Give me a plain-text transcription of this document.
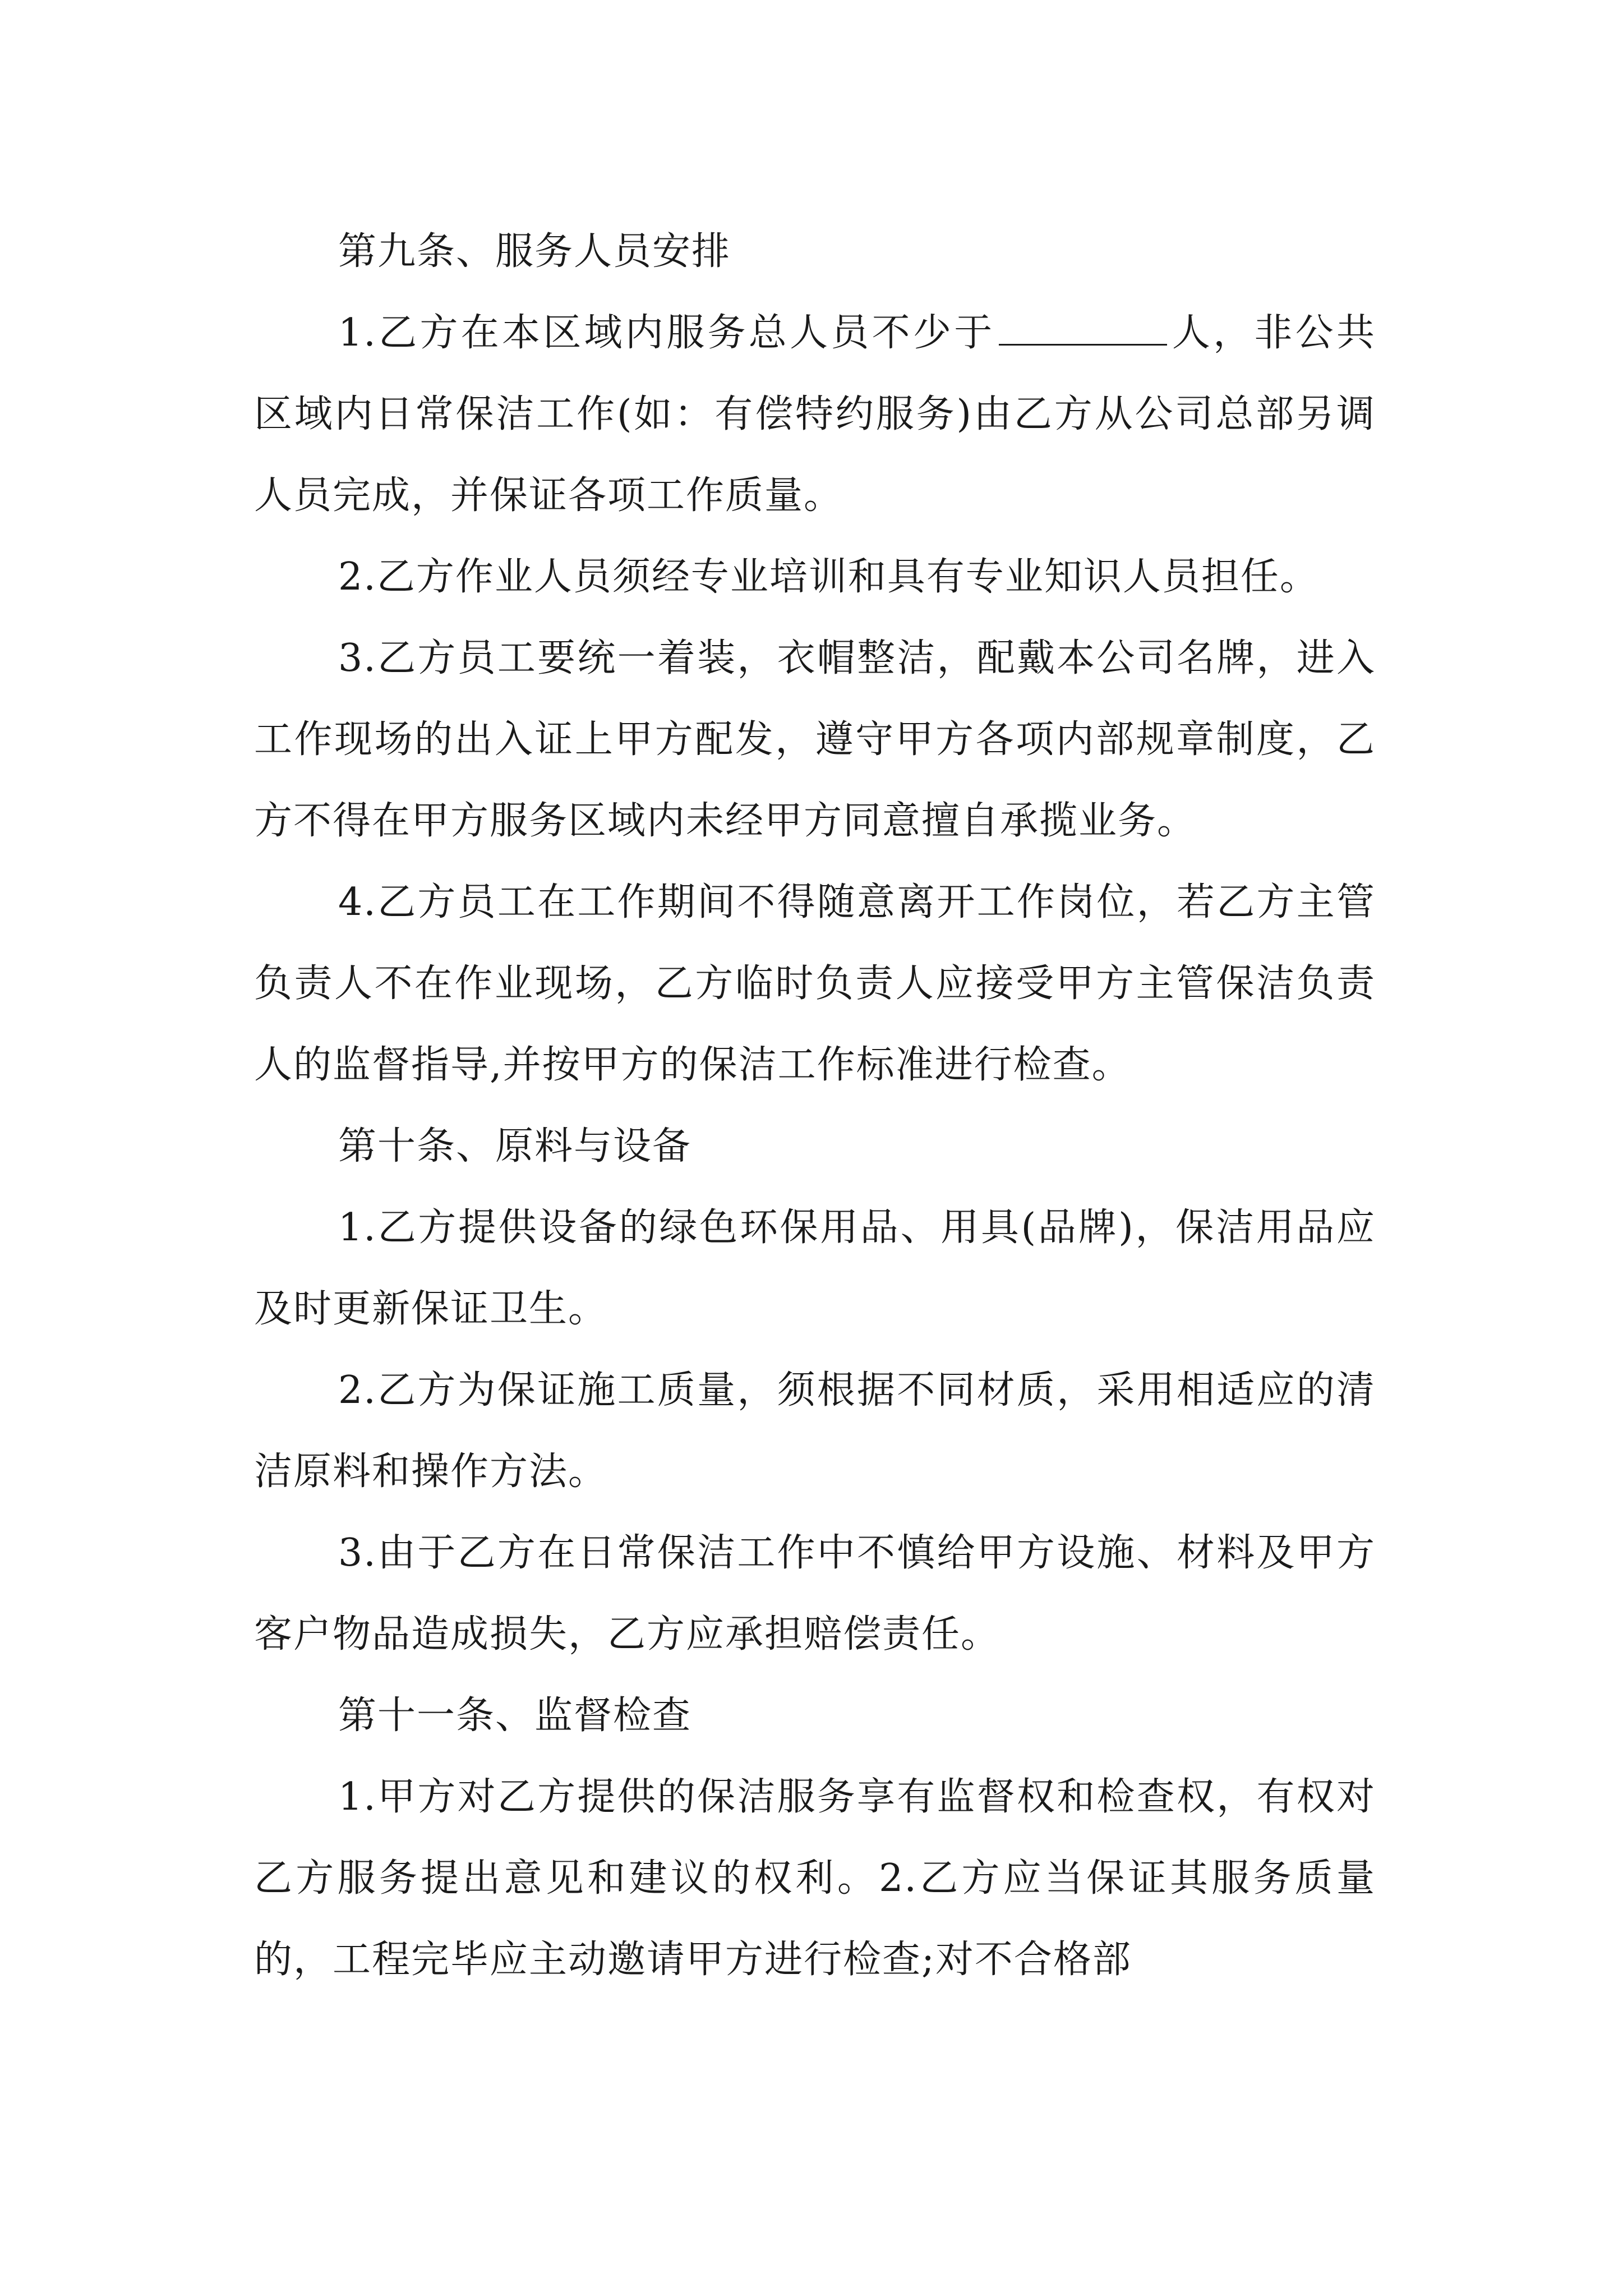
第九条、服务人员安排

1.乙方在本区域内服务总人员不少于	人，非公共区域内日常保洁工作(如：有偿特约服务)由乙方从公司总部另调人员完成，并保证各项工作质量。

2.乙方作业人员须经专业培训和具有专业知识人员担任。

3.乙方员工要统一着装，衣帽整洁，配戴本公司名牌，进入工作现场的出入证上甲方配发，遵守甲方各项内部规章制度，乙方不得在甲方服务区域内未经甲方同意擅自承揽业务。

4.乙方员工在工作期间不得随意离开工作岗位，若乙方主管负责人不在作业现场，乙方临时负责人应接受甲方主管保洁负责人的监督指导,并按甲方的保洁工作标准进行检查。

第十条、原料与设备

1.乙方提供设备的绿色环保用品、用具(品牌)，保洁用品应及时更新保证卫生。

2.乙方为保证施工质量，须根据不同材质，采用相适应的清洁原料和操作方法。

3.由于乙方在日常保洁工作中不慎给甲方设施、材料及甲方客户物品造成损失，乙方应承担赔偿责任。

第十一条、监督检查

1.甲方对乙方提供的保洁服务享有监督权和检查权，有权对乙方服务提出意见和建议的权利。2.乙方应当保证其服务质量的，工程完毕应主动邀请甲方进行检查;对不合格部
